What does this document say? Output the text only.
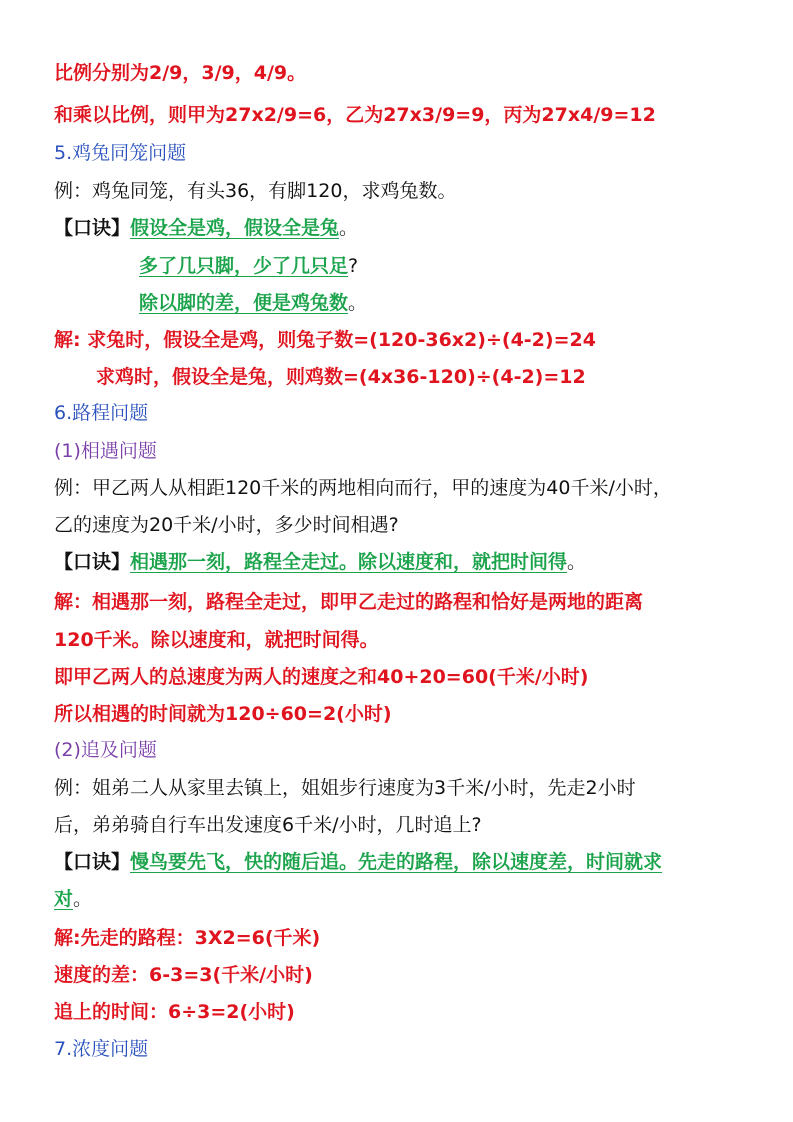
比例分别为2/9，3/9，4/9。
和乘以比例，则甲为27x2/9=6，乙为27x3/9=9，丙为27x4/9=12
5.鸡兔同笼问题
例：鸡兔同笼，有头36，有脚120，求鸡兔数。
【口诀】假设全是鸡，假设全是兔。
多了几只脚，少了几只足?
除以脚的差，便是鸡兔数。
解: 求兔时，假设全是鸡，则兔子数=(120-36x2)÷(4-2)=24
求鸡时，假设全是兔，则鸡数=(4x36-120)÷(4-2)=12
6.路程问题
(1)相遇问题
例：甲乙两人从相距120千米的两地相向而行，甲的速度为40千米/小时，
乙的速度为20千米/小时，多少时间相遇?
【口诀】相遇那一刻，路程全走过。除以速度和，就把时间得。
解：相遇那一刻，路程全走过，即甲乙走过的路程和恰好是两地的距离
120千米。除以速度和，就把时间得。
即甲乙两人的总速度为两人的速度之和40+20=60(千米/小时)
所以相遇的时间就为120÷60=2(小时)
(2)追及问题
例：姐弟二人从家里去镇上，姐姐步行速度为3千米/小时，先走2小时
后，弟弟骑自行车出发速度6千米/小时，几时追上?
【口诀】慢鸟要先飞，快的随后追。先走的路程，除以速度差，时间就求
对。
解:先走的路程：3X2=6(千米)
速度的差：6-3=3(千米/小时)
追上的时间：6÷3=2(小时)
7.浓度问题
